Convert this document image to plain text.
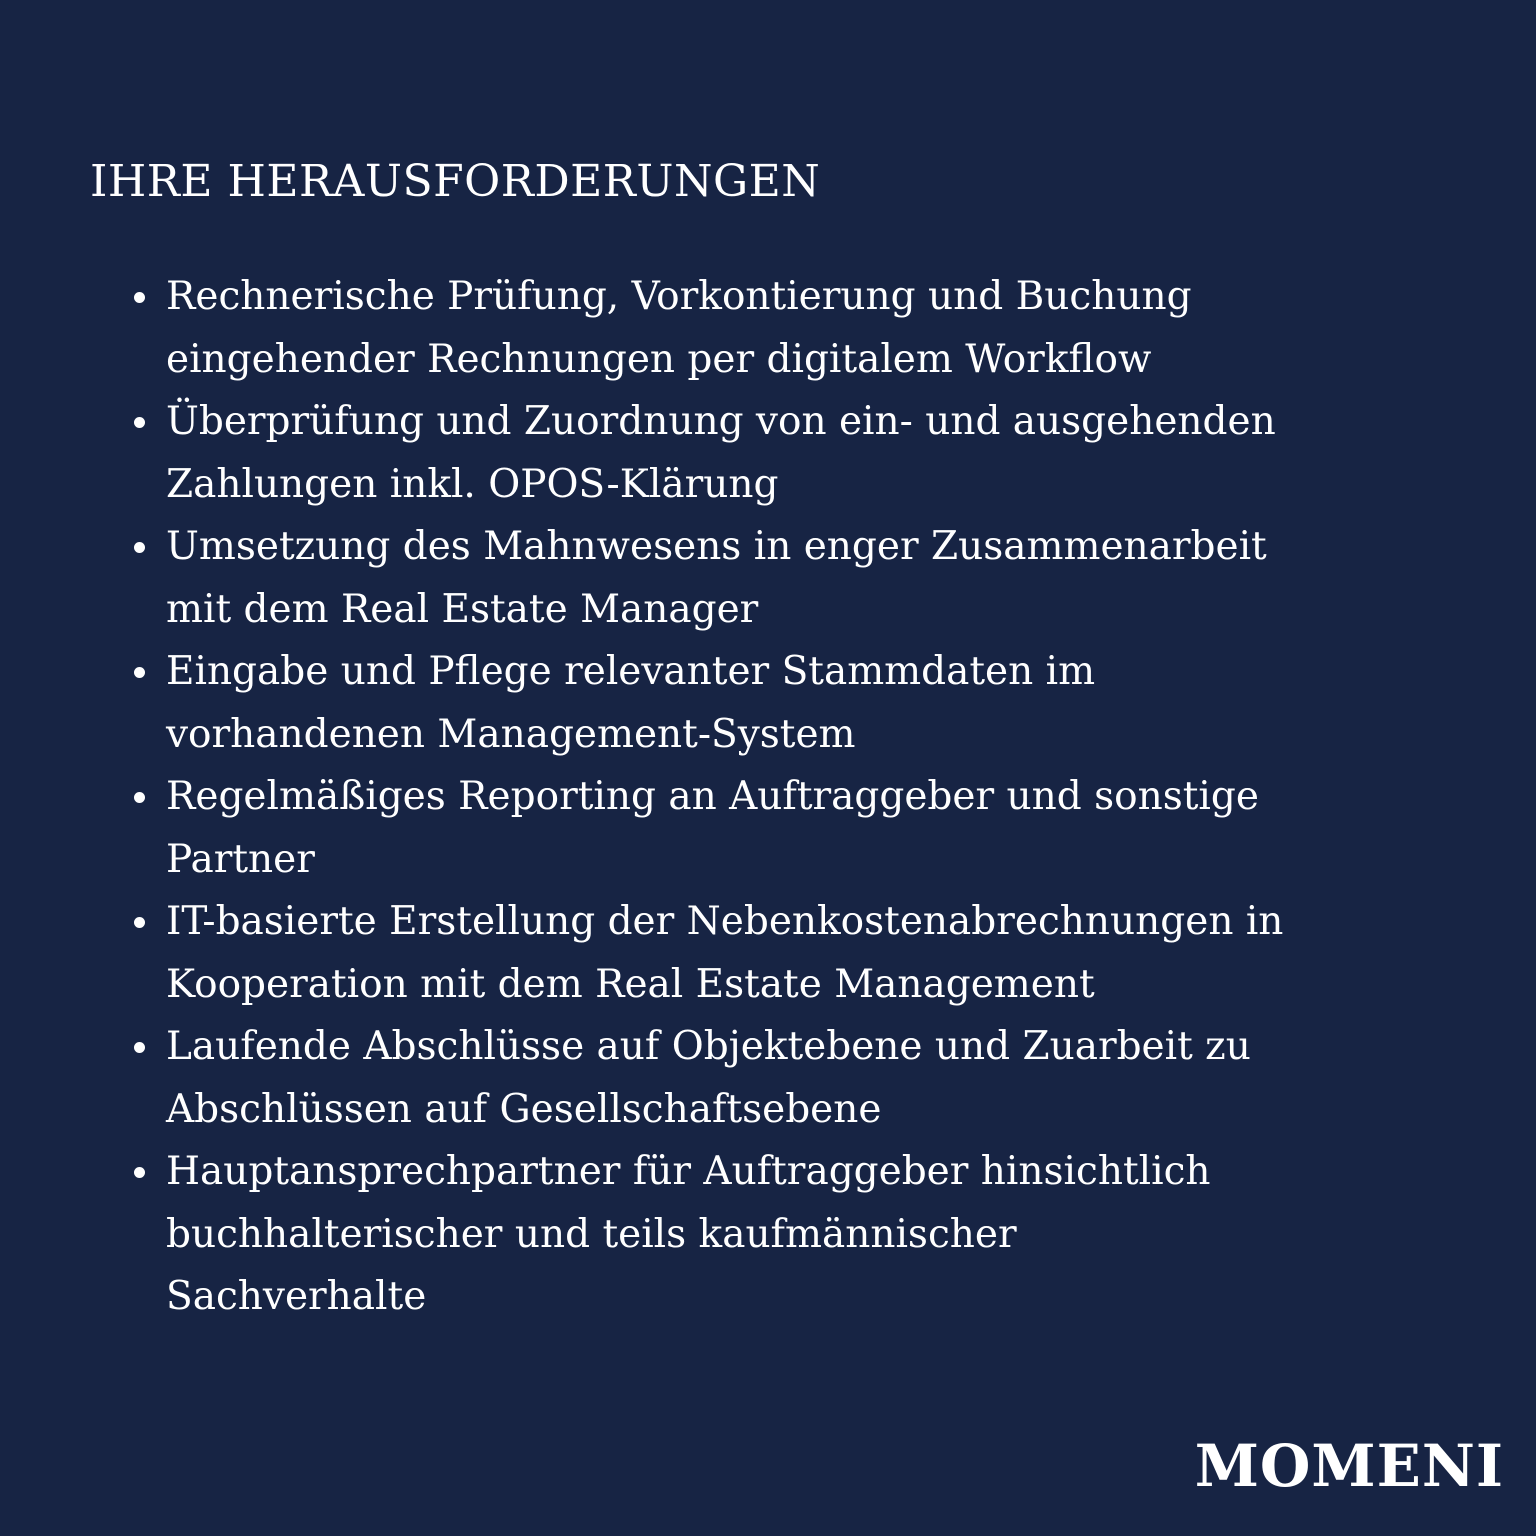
IHRE HERAUSFORDERUNGEN
Rechnerische Prüfung, Vorkontierung und Buchung
eingehender Rechnungen per digitalem Workflow
Überprüfung und Zuordnung von ein- und ausgehenden
Zahlungen inkl. OPOS-Klärung
Umsetzung des Mahnwesens in enger Zusammenarbeit
mit dem Real Estate Manager
Eingabe und Pflege relevanter Stammdaten im
vorhandenen Management-System
Regelmäßiges Reporting an Auftraggeber und sonstige
Partner
IT-basierte Erstellung der Nebenkostenabrechnungen in
Kooperation mit dem Real Estate Management
Laufende Abschlüsse auf Objektebene und Zuarbeit zu
Abschlüssen auf Gesellschaftsebene
Hauptansprechpartner für Auftraggeber hinsichtlich
buchhalterischer und teils kaufmännischer
Sachverhalte
MOMENI
